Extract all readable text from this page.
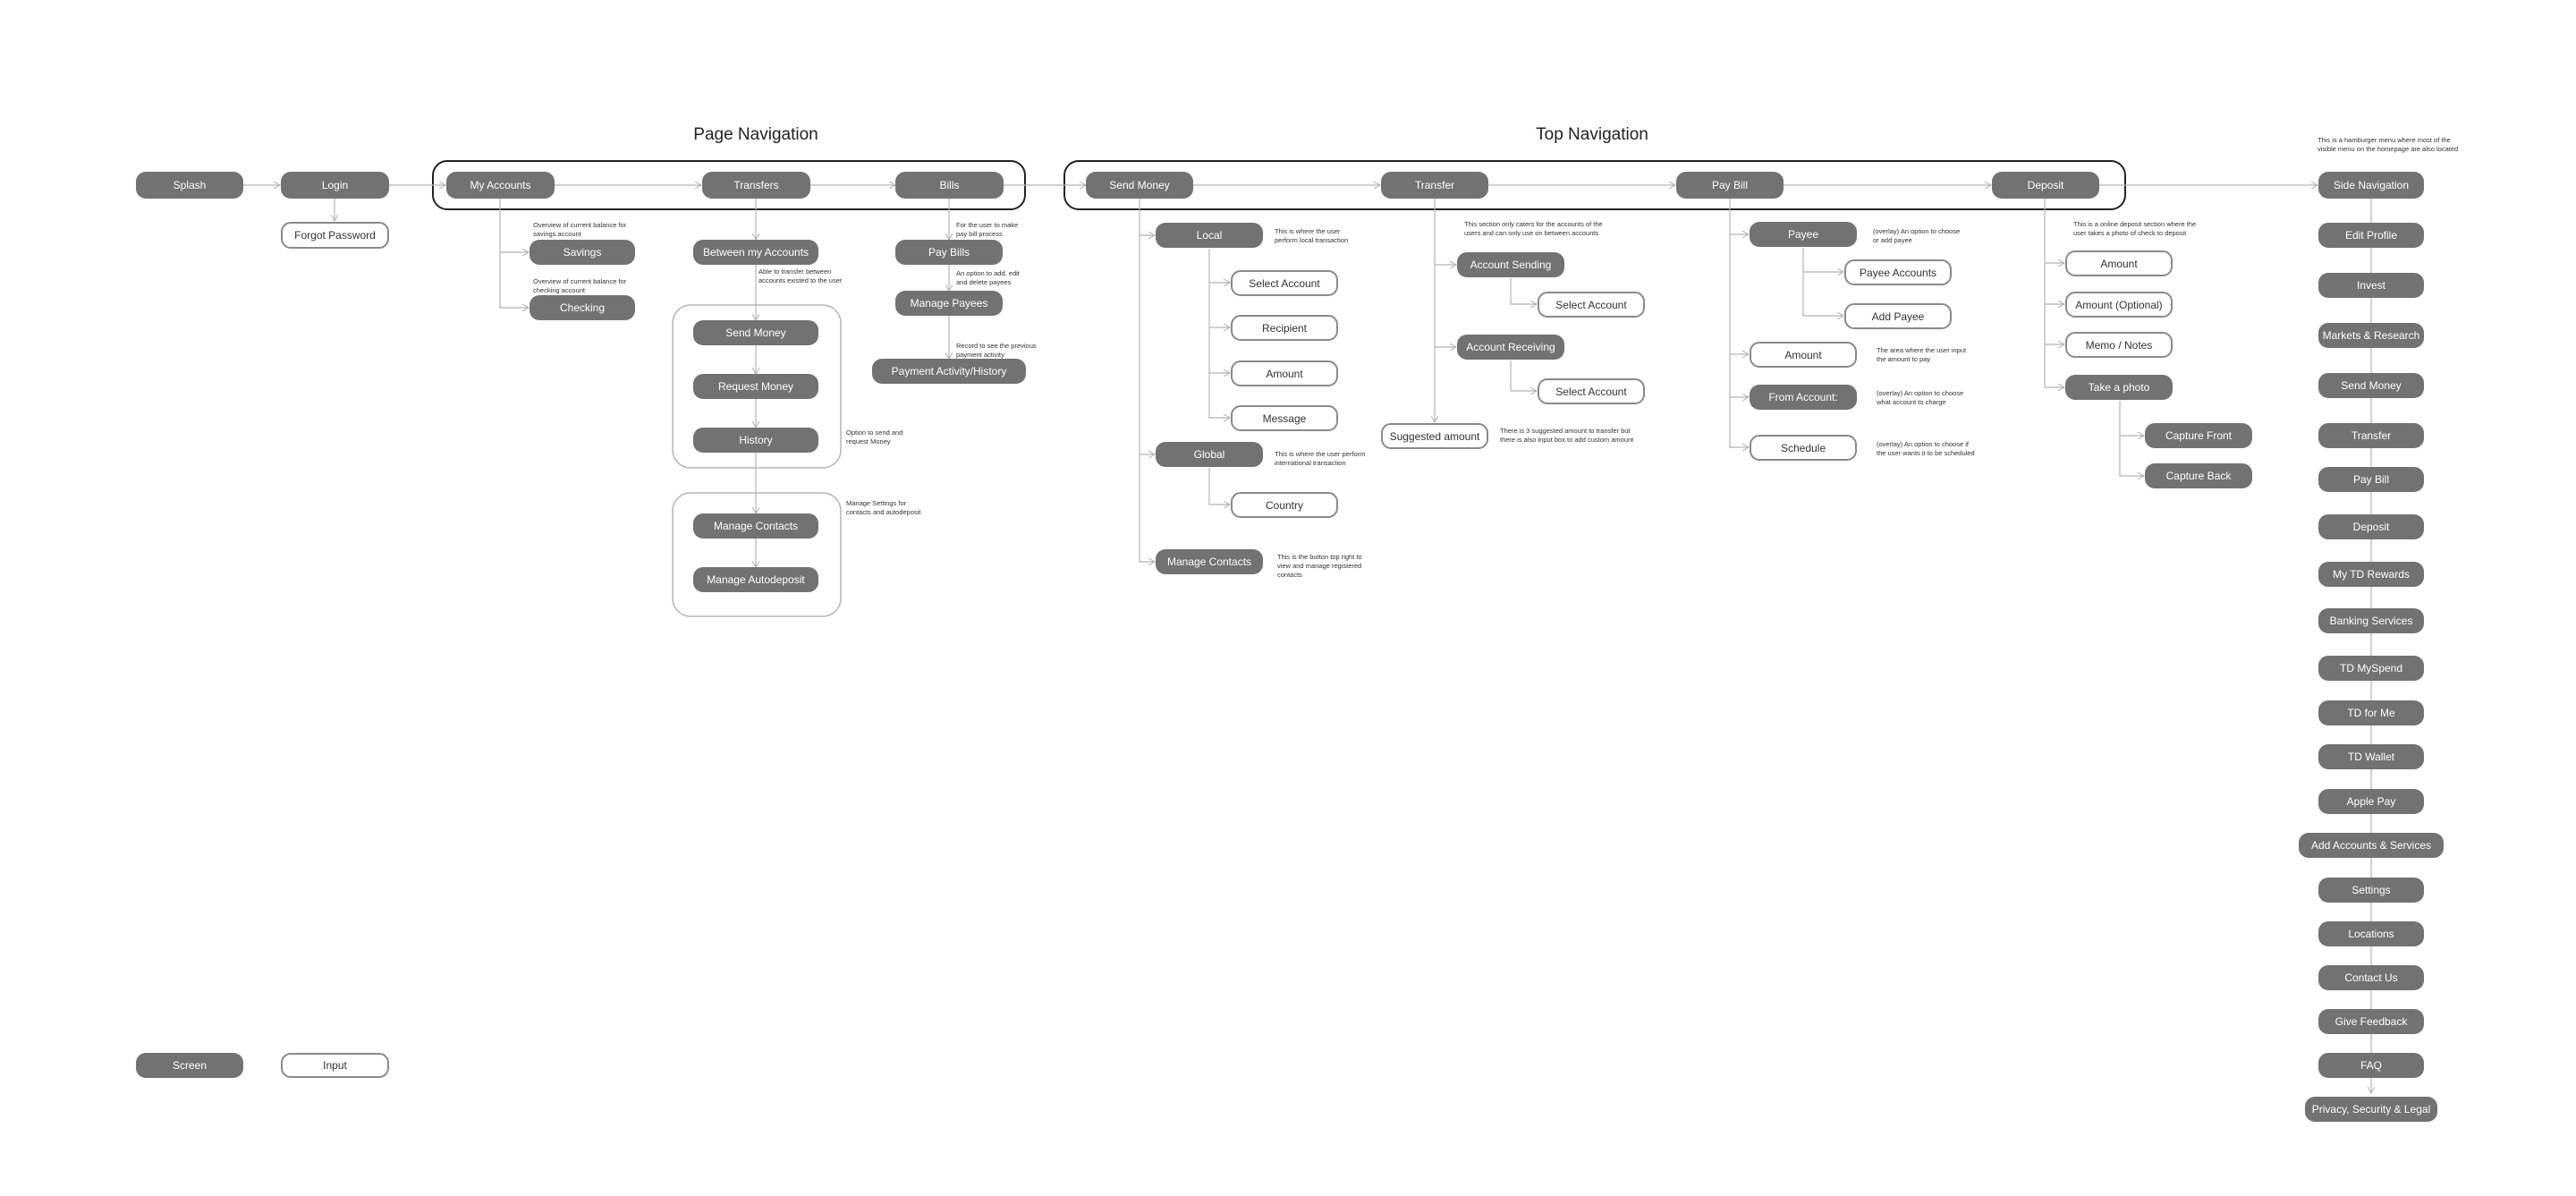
Page Navigation	Top Navigation
Splash	Login
Forgot Password
My Accounts
Savings
Checking
Transfers
Between my Accounts
Send Money
Request Money
History
Manage Contacts
Manage Autodeposit
Bills
Pay Bills
Manage Payees
Payment Activity/History
Send Money
Local
Select Account
Recipient
Amount
Message
Global
Country
Manage Contacts
Transfer
Account Sending
Select Account
Account Receiving
Select Account
Suggested amount
Pay Bill
Payee
Payee Accounts
Add Payee
Amount
From Account:
Schedule
Deposit
Amount
Amount (Optional)
Memo / Notes
Take a photo
Capture Front
Capture Back
Side Navigation
Edit Profile
Invest
Markets & Research
Send Money
Transfer
Pay Bill
Deposit
My TD Rewards
Banking Services
TD MySpend
TD for Me
TD Wallet
Apple Pay
Add Accounts & Services
Settings
Locations
Contact Us
Give Feedback
FAQ
Privacy, Security & Legal
Screen	Input
Overview of current balance for
savings account
Overview of current balance for
checking account
Able to transfer between
accounts existed to the user
Option to send and
request Money
Manage Settings for
contacts and autodeposit
For the user to make
pay bill process
An option to add, edit
and delete payees
Record to see the previous
payment activity
This is where the user
perform local transaction
This is where the user perform
international transaction
This is the button top right to
view and manage registered
contacts
This section only caters for the accounts of the
users and can only use on between accounts
There is 3 suggested amount to transfer but
there is also input box to add custom amount
(overlay) An option to choose
or add payee
The area where the user input
the amount to pay
(overlay) An option to choose
what account to charge
(overlay) An option to choose if
the user wants it to be scheduled
This is a online deposit section where the
user takes a photo of check to deposit
This is a hamburger menu where most of the
visible menu on the homepage are also located
